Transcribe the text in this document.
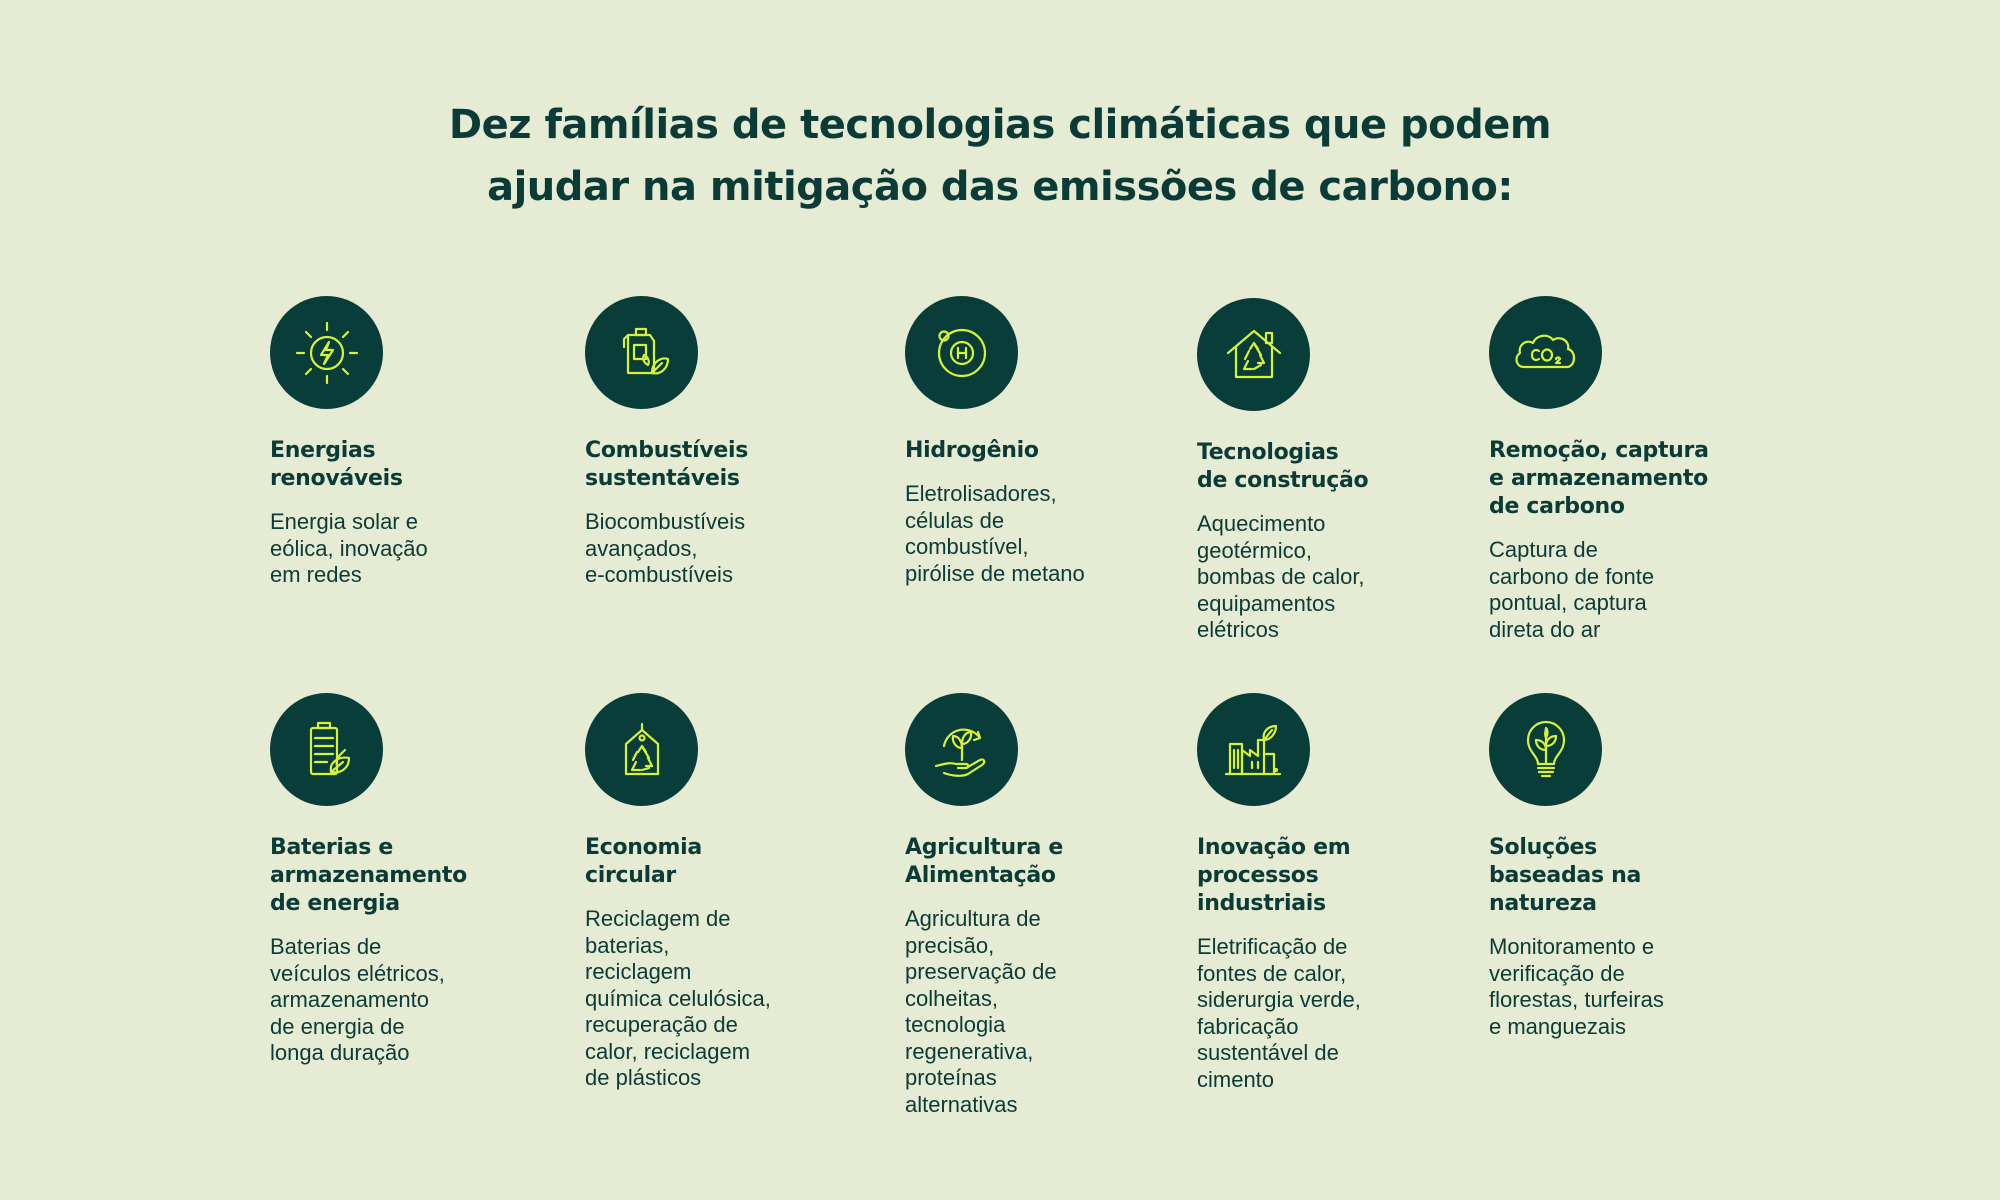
Dez famílias de tecnologias climáticas que podem
ajudar na mitigação das emissões de carbono:
Energias
renováveis
Energia solar e
eólica, inovação
em redes
Combustíveis
sustentáveis
Biocombustíveis
avançados,
e-combustíveis
Hidrogênio
Eletrolisadores,
células de
combustível,
pirólise de metano
Tecnologias
de construção
Aquecimento
geotérmico,
bombas de calor,
equipamentos
elétricos
Remoção, captura
e armazenamento
de carbono
Captura de
carbono de fonte
pontual, captura
direta do ar
Baterias e
armazenamento
de energia
Baterias de
veículos elétricos,
armazenamento
de energia de
longa duração
Economia
circular
Reciclagem de
baterias,
reciclagem
química celulósica,
recuperação de
calor, reciclagem
de plásticos
Agricultura e
Alimentação
Agricultura de
precisão,
preservação de
colheitas,
tecnologia
regenerativa,
proteínas
alternativas
Inovação em
processos
industriais
Eletrificação de
fontes de calor,
siderurgia verde,
fabricação
sustentável de
cimento
Soluções
baseadas na
natureza
Monitoramento e
verificação de
florestas, turfeiras
e manguezais
